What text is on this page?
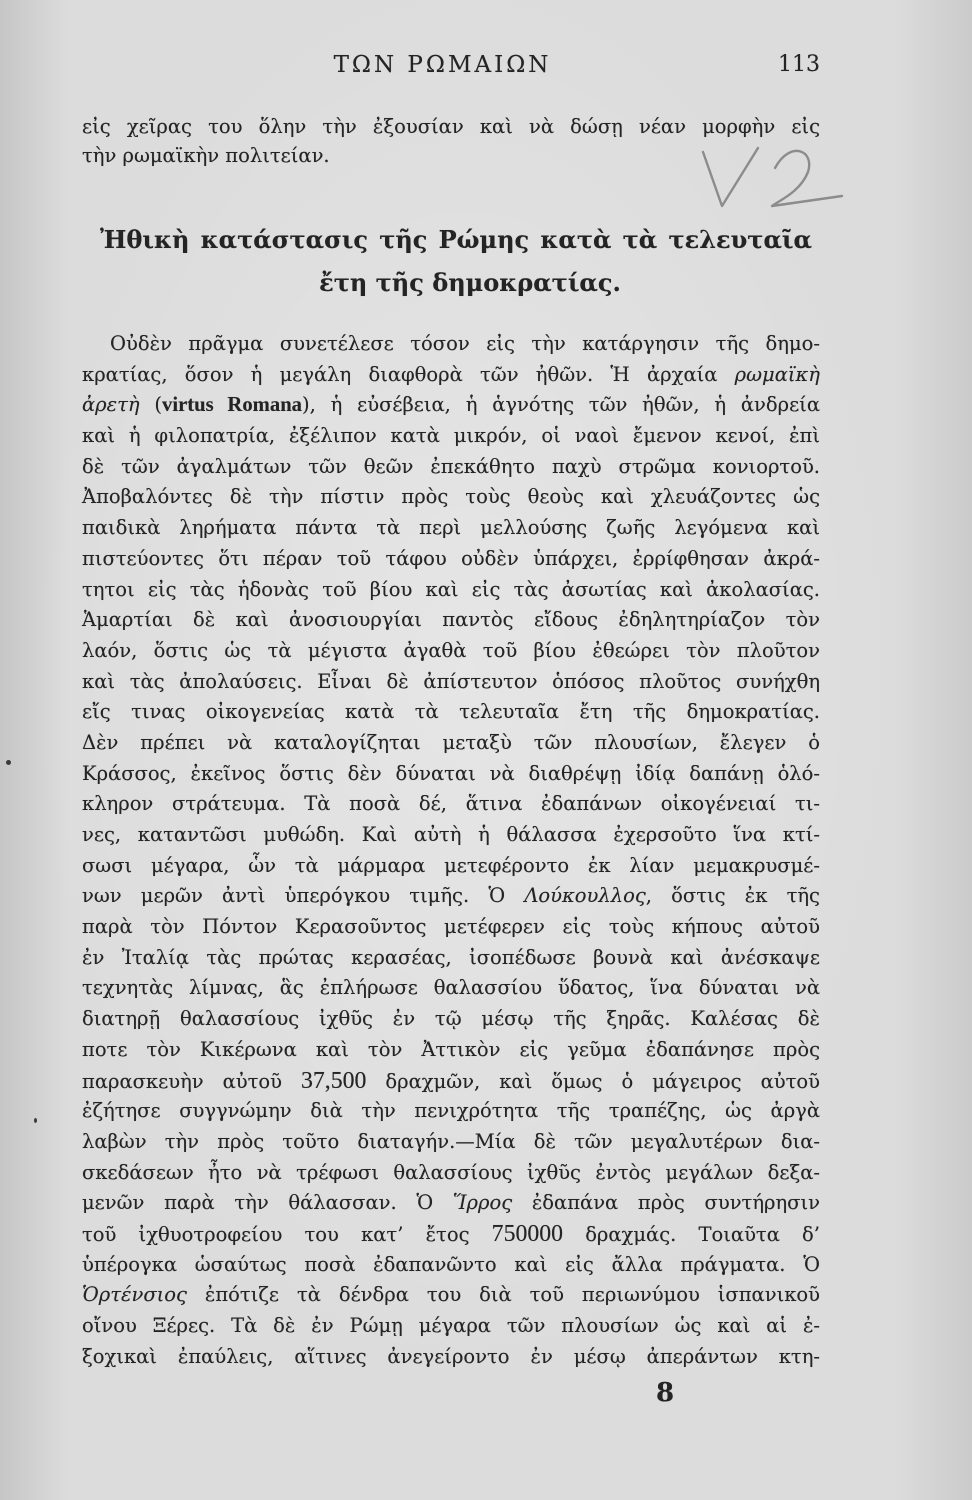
ΤΩΝ ΡΩΜΑΙΩΝ	113
εἰς χεῖρας του ὅλην τὴν ἐξουσίαν καὶ νὰ δώσῃ νέαν μορφὴν εἰς
τὴν ρωμαϊκὴν πολιτείαν.
Ἠθικὴ κατάστασις τῆς Ρώμης κατὰ τὰ τελευταῖα
ἔτη τῆς δημοκρατίας.
Οὐδὲν πρᾶγμα συνετέλεσε τόσον εἰς τὴν κατάργησιν τῆς δημο-
κρατίας, ὅσον ἡ μεγάλη διαφθορὰ τῶν ἠθῶν. Ἡ ἀρχαία ρωμαϊκὴ
ἀρετὴ (virtus Romana), ἡ εὐσέβεια, ἡ ἁγνότης τῶν ἠθῶν, ἡ ἀνδρεία
καὶ ἡ φιλοπατρία, ἐξέλιπον κατὰ μικρόν, οἱ ναοὶ ἔμενον κενοί, ἐπὶ
δὲ τῶν ἀγαλμάτων τῶν θεῶν ἐπεκάθητο παχὺ στρῶμα κονιορτοῦ.
Ἀποβαλόντες δὲ τὴν πίστιν πρὸς τοὺς θεοὺς καὶ χλευάζοντες ὡς
παιδικὰ ληρήματα πάντα τὰ περὶ μελλούσης ζωῆς λεγόμενα καὶ
πιστεύοντες ὅτι πέραν τοῦ τάφου οὐδὲν ὑπάρχει, ἐρρίφθησαν ἀκρά-
τητοι εἰς τὰς ἡδονὰς τοῦ βίου καὶ εἰς τὰς ἀσωτίας καὶ ἀκολασίας.
Ἁμαρτίαι δὲ καὶ ἀνοσιουργίαι παντὸς εἴδους ἐδηλητηρίαζον τὸν
λαόν, ὅστις ὡς τὰ μέγιστα ἀγαθὰ τοῦ βίου ἐθεώρει τὸν πλοῦτον
καὶ τὰς ἀπολαύσεις. Εἶναι δὲ ἀπίστευτον ὁπόσος πλοῦτος συνήχθη
εἴς τινας οἰκογενείας κατὰ τὰ τελευταῖα ἔτη τῆς δημοκρατίας.
Δὲν πρέπει νὰ καταλογίζηται μεταξὺ τῶν πλουσίων, ἔλεγεν ὁ
Κράσσος, ἐκεῖνος ὅστις δὲν δύναται νὰ διαθρέψῃ ἰδίᾳ δαπάνῃ ὁλό-
κληρον στράτευμα. Τὰ ποσὰ δέ, ἅτινα ἐδαπάνων οἰκογένειαί τι-
νες, καταντῶσι μυθώδη. Καὶ αὐτὴ ἡ θάλασσα ἐχερσοῦτο ἵνα κτί-
σωσι μέγαρα, ὧν τὰ μάρμαρα μετεφέροντο ἐκ λίαν μεμακρυσμέ-
νων μερῶν ἀντὶ ὑπερόγκου τιμῆς. Ὁ Λούκουλλος, ὅστις ἐκ τῆς
παρὰ τὸν Πόντον Κερασοῦντος μετέφερεν εἰς τοὺς κήπους αὐτοῦ
ἐν Ἰταλίᾳ τὰς πρώτας κερασέας, ἰσοπέδωσε βουνὰ καὶ ἀνέσκαψε
τεχνητὰς λίμνας, ἃς ἐπλήρωσε θαλασσίου ὕδατος, ἵνα δύναται νὰ
διατηρῇ θαλασσίους ἰχθῦς ἐν τῷ μέσῳ τῆς ξηρᾶς. Καλέσας δὲ
ποτε τὸν Κικέρωνα καὶ τὸν Ἀττικὸν εἰς γεῦμα ἐδαπάνησε πρὸς
παρασκευὴν αὐτοῦ 37,500 δραχμῶν, καὶ ὅμως ὁ μάγειρος αὐτοῦ
ἐζήτησε συγγνώμην διὰ τὴν πενιχρότητα τῆς τραπέζης, ὡς ἀργὰ
λαβὼν τὴν πρὸς τοῦτο διαταγήν.—Μία δὲ τῶν μεγαλυτέρων δια-
σκεδάσεων ἦτο νὰ τρέφωσι θαλασσίους ἰχθῦς ἐντὸς μεγάλων δεξα-
μενῶν παρὰ τὴν θάλασσαν. Ὁ Ἵρρος ἐδαπάνα πρὸς συντήρησιν
τοῦ ἰχθυοτροφείου του κατ’ ἔτος 750000 δραχμάς. Τοιαῦτα δ’
ὑπέρογκα ὡσαύτως ποσὰ ἐδαπανῶντο καὶ εἰς ἄλλα πράγματα. Ὁ
Ὁρτένσιος ἐπότιζε τὰ δένδρα του διὰ τοῦ περιωνύμου ἱσπανικοῦ
οἴνου Ξέρες. Τὰ δὲ ἐν Ρώμῃ μέγαρα τῶν πλουσίων ὡς καὶ αἱ ἐ-
ξοχικαὶ ἐπαύλεις, αἵτινες ἀνεγείροντο ἐν μέσῳ ἀπεράντων κτη-
8
